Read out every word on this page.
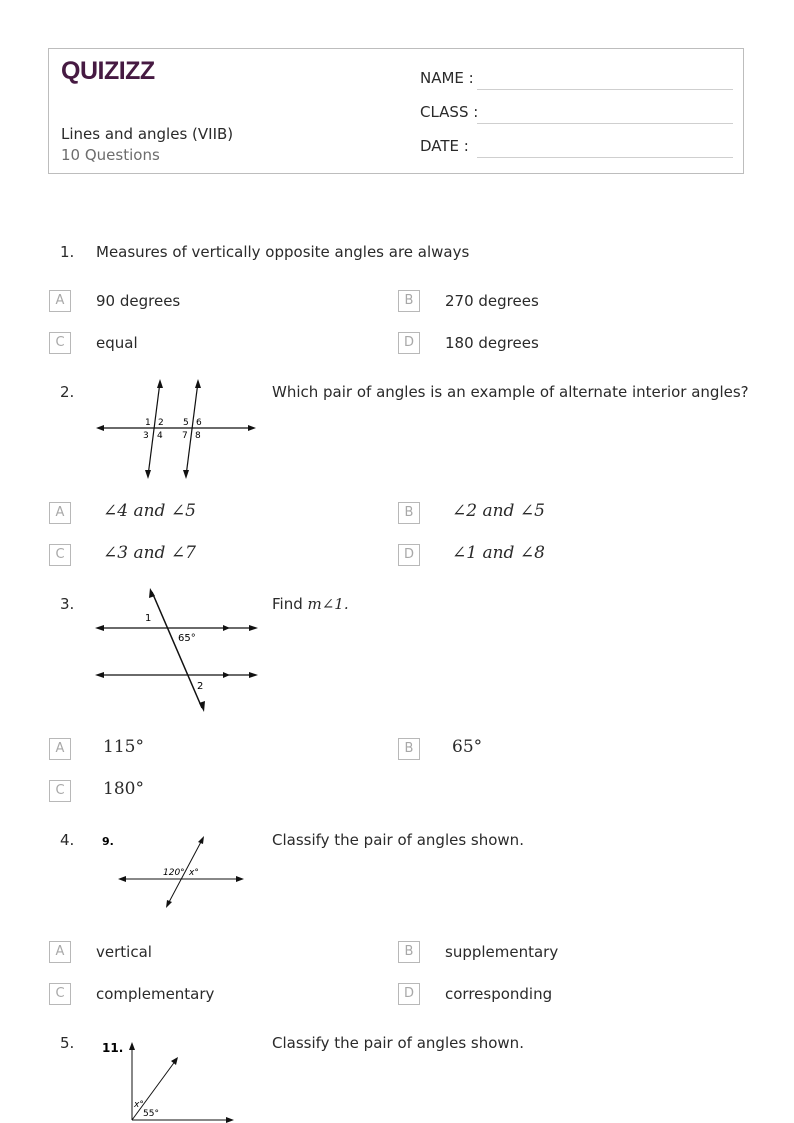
QUIZIZZ
Lines and angles (VIIB)
10 Questions
NAME :
CLASS :
DATE :
1. Measures of vertically opposite angles are always
A	90 degrees	B	270 degrees
C	equal	D	180 degrees
2.
1 2
3 4
5 6
7 8
Which pair of angles is an example of alternate interior angles?
A	∠4 and ∠5	B	∠2 and ∠5
C	∠3 and ∠7	D	∠1 and ∠8
3.
1
65°
2
Find m∠1.
A	115°	B	65°
C	180°
4.	9.
120° x°
Classify the pair of angles shown.
A	vertical	B	supplementary
C	complementary	D	corresponding
5. 11.
x°
55°
Classify the pair of angles shown.
